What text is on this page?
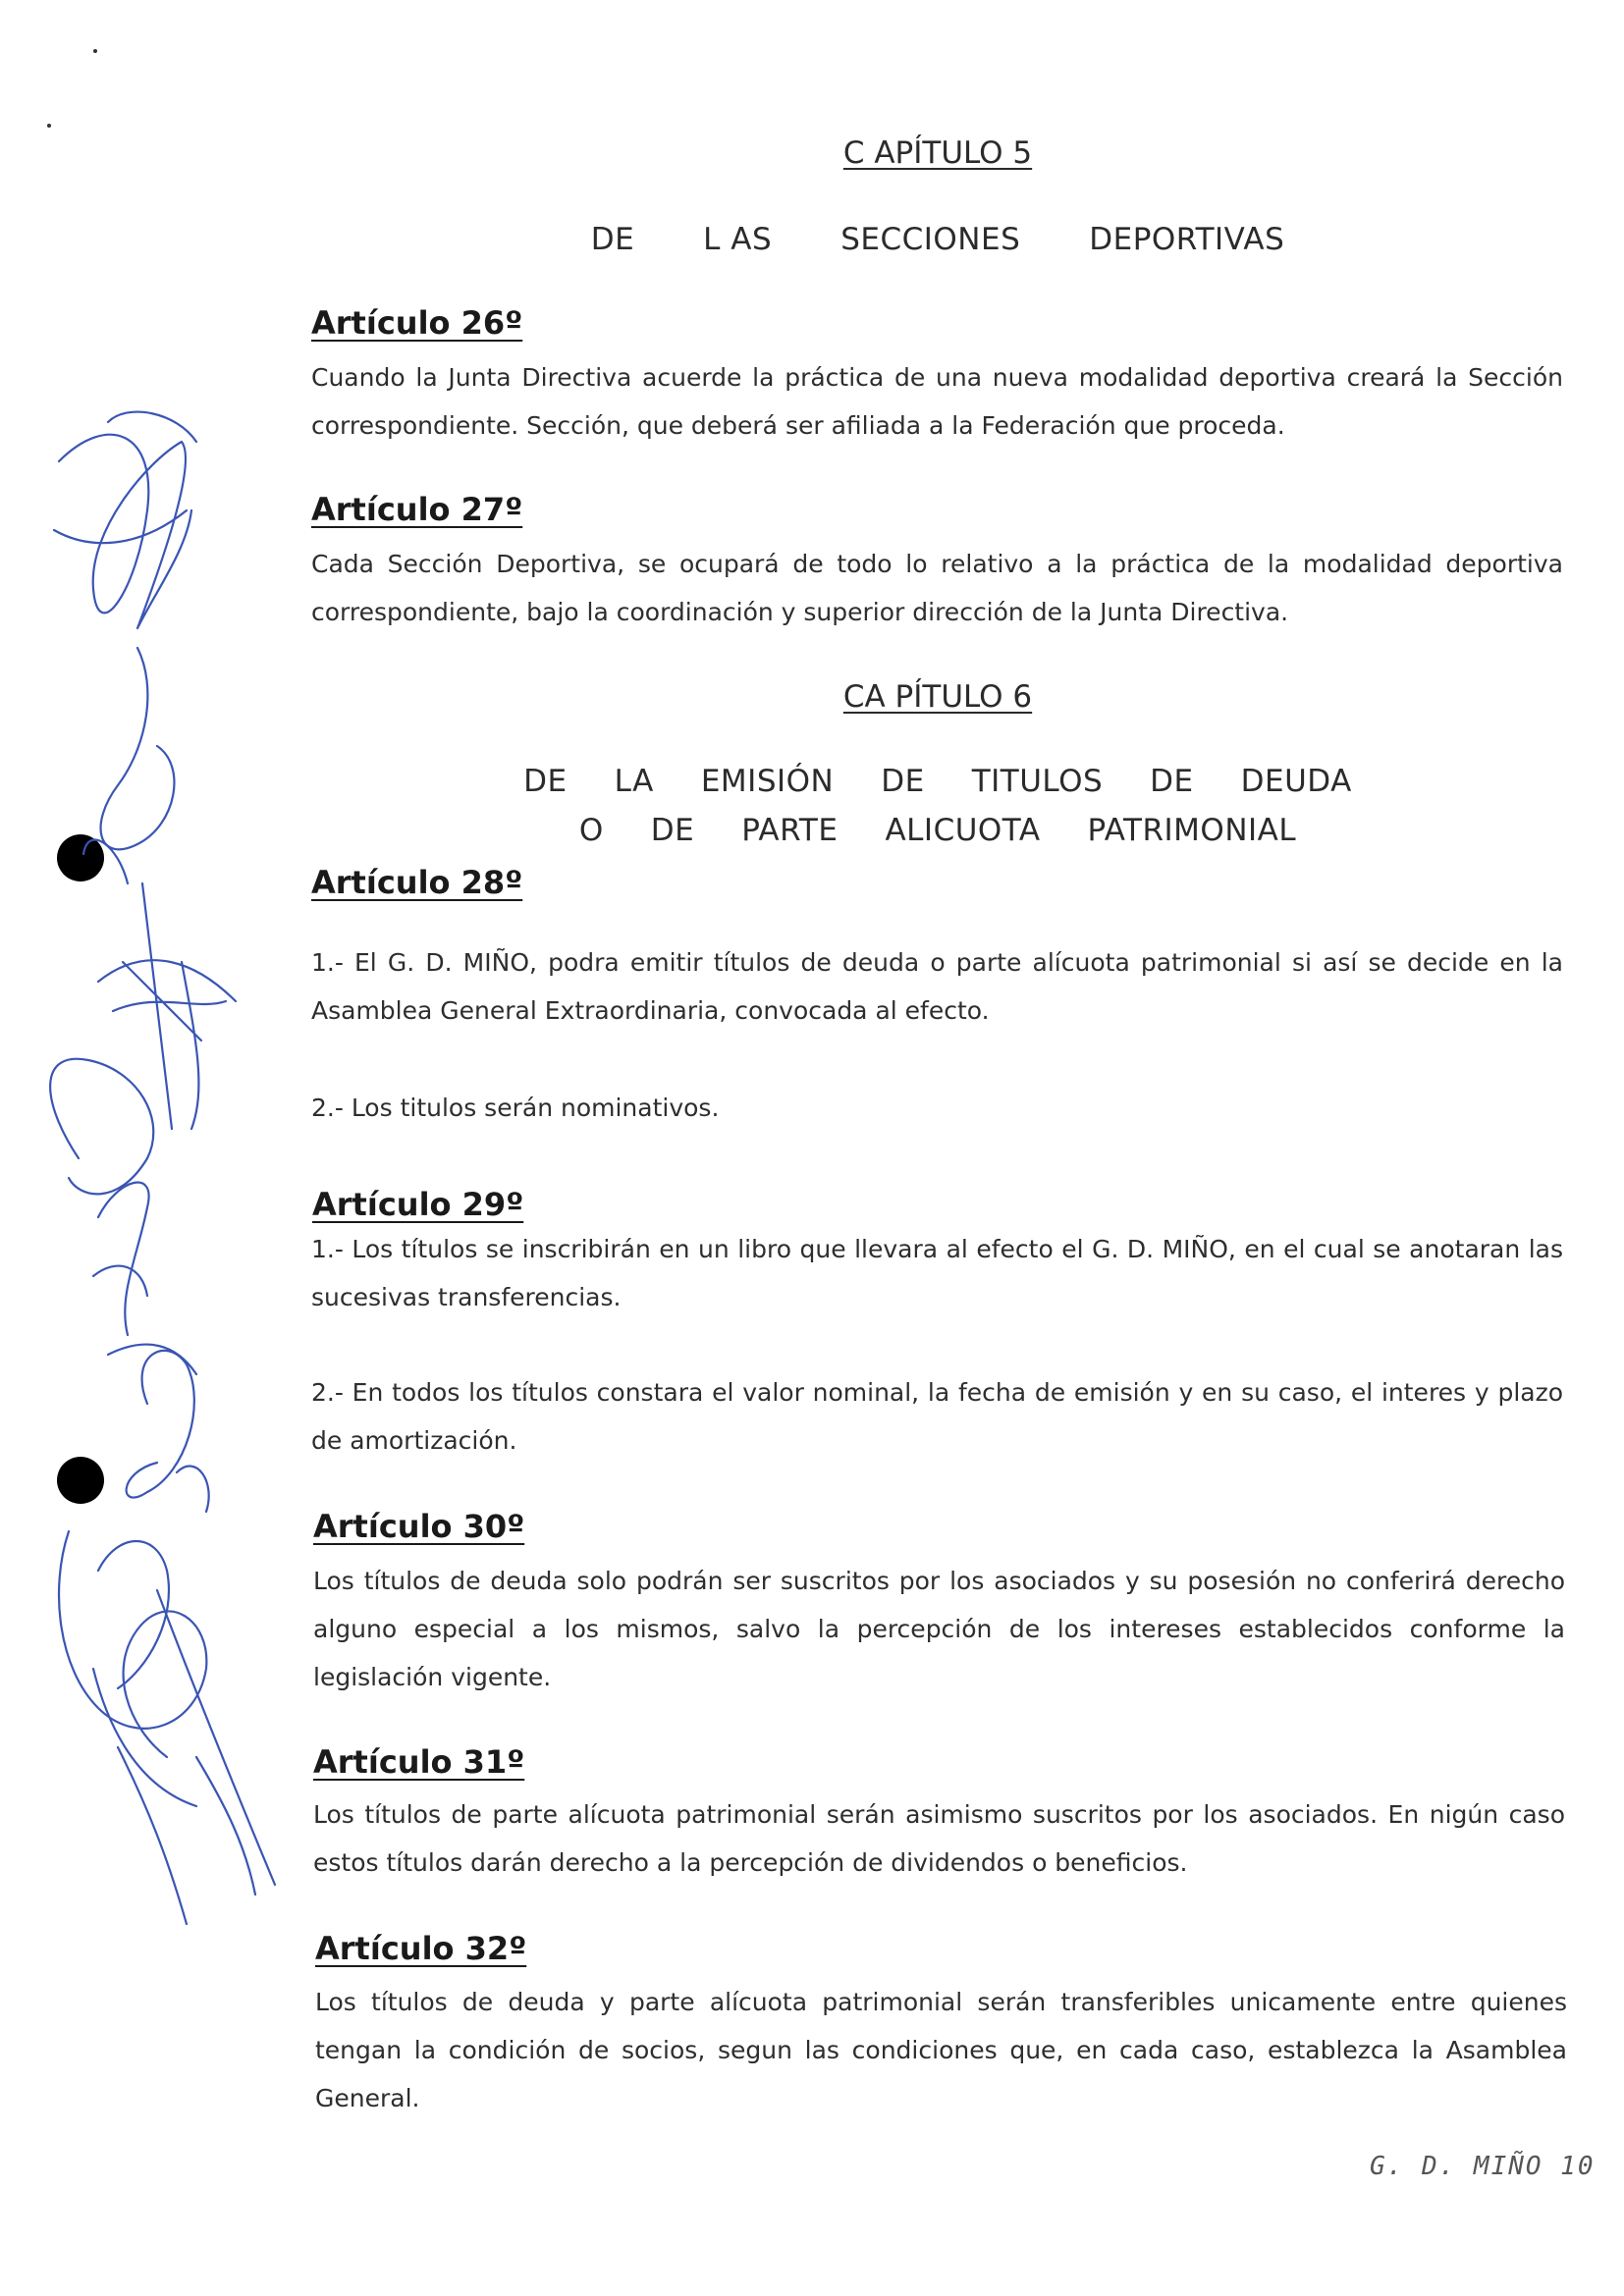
C APÍTULO 5
DE L AS SECCIONES DEPORTIVAS
Artículo 26º
Cuando la Junta Directiva acuerde la práctica de una nueva modalidad deportiva creará la Sección correspondiente. Sección, que deberá ser afiliada a la Federación que proceda.
Artículo 27º
Cada Sección Deportiva, se ocupará de todo lo relativo a la práctica de la modalidad deportiva correspondiente, bajo la coordinación y superior dirección de la Junta Directiva.
CA PÍTULO 6
DE LA EMISIÓN DE TITULOS DE DEUDA
O DE PARTE ALICUOTA PATRIMONIAL
Artículo 28º
1.- El G. D. MIÑO, podra emitir títulos de deuda o parte alícuota patrimonial si así se decide en la Asamblea General Extraordinaria, convocada al efecto.
2.- Los titulos serán nominativos.
Artículo 29º
1.- Los títulos se inscribirán en un libro que llevara al efecto el G. D. MIÑO, en el cual se anotaran las sucesivas transferencias.
2.- En todos los títulos constara el valor nominal, la fecha de emisión y en su caso, el interes y plazo de amortización.
Artículo 30º
Los títulos de deuda solo podrán ser suscritos por los asociados y su posesión no conferirá derecho alguno especial a los mismos, salvo la percepción de los intereses establecidos conforme la legislación vigente.
Artículo 31º
Los títulos de parte alícuota patrimonial serán asimismo suscritos por los asociados. En nigún caso estos títulos darán derecho a la percepción de dividendos o beneficios.
Artículo 32º
Los títulos de deuda y parte alícuota patrimonial serán transferibles unicamente entre quienes tengan la condición de socios, segun las condiciones que, en cada caso, establezca la Asamblea General.
G. D. MIÑO 10
